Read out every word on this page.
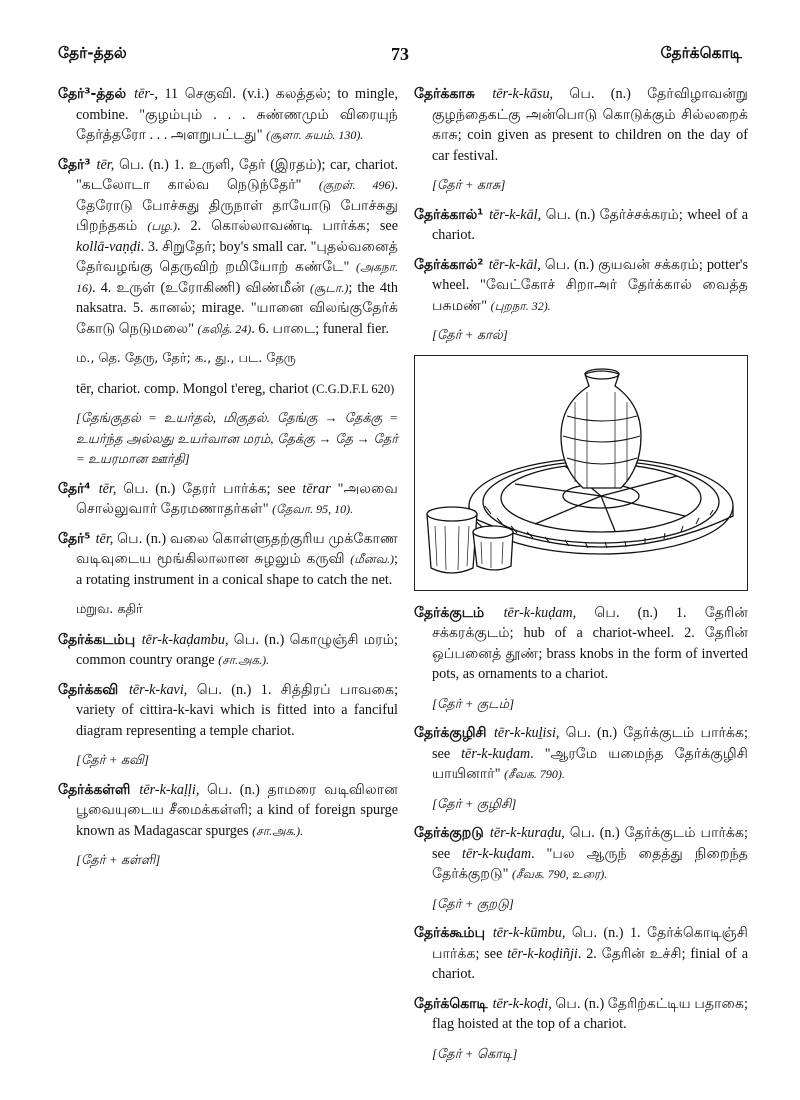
தேர்-த்தல்	73	தேர்க்கொடி

தேர்³-த்தல் tēr-, 11 செகுவி. (v.i.) கலத்தல்; to mingle, combine. "குழம்பும் . . . சுண்ணமும் விரையுந் தேர்த்தரோ . . . அளறுபட்டது" (சூளா. சுயம். 130).

தேர்³ tēr, பெ. (n.) 1. உருளி, தேர் (இரதம்); car, chariot. "கடலோடா கால்வ நெடுந்தேர்" (குறள். 496). தேரோடு போச்சுது திருநாள் தாயோடு போச்சுது பிறந்தகம் (பழ.). 2. கொல்லாவண்டி பார்க்க; see kollā-vaṇḍi. 3. சிறுதேர்; boy's small car. "புதல்வனைத் தேர்வழங்கு தெருவிற் றமியோற் கண்டே" (அகநா. 16). 4. உருள் (உரோகிணி) விண்மீன் (சூடா.); the 4th naksatra. 5. கானல்; mirage. "யானை விலங்குதேர்க் கோடு நெடுமலை" (கலித். 24). 6. பாடை; funeral fier.

ம., தெ. தேரு, தேர்; க., து., பட. தேரு

tēr, chariot. comp. Mongol t'ereg, chariot (C.G.D.F.L 620)

[தேங்குதல் = உயர்தல், மிகுதல். தேங்கு → தேக்கு = உயர்ந்த அல்லது உயர்வான மரம், தேக்கு → தே → தேர் = உயரமான ஊர்தி]

தேர்⁴ tēr, பெ. (n.) தேரர் பார்க்க; see tērar "அலவை சொல்லுவார் தேரமணாதர்கள்" (தேவா. 95, 10).

தேர்⁵ tēr, பெ. (n.) வலை கொள்ளுதற்குரிய முக்கோண வடிவுடைய மூங்கிலாலான சுழலும் கருவி (மீனவ.); a rotating instrument in a conical shape to catch the net.

மறுவ. கதிர்

தேர்க்கடம்பு tēr-k-kaḍambu, பெ. (n.) கொழுஞ்சி மரம்; common country orange (சா.அக.).

தேர்க்கவி tēr-k-kavi, பெ. (n.) 1. சித்திரப் பாவகை; variety of cittira-k-kavi which is fitted into a fanciful diagram representing a temple chariot.

[தேர் + கவி]

தேர்க்கள்ளி tēr-k-kaḷḷi, பெ. (n.) தாமரை வடிவிலான பூவையுடைய சீமைக்கள்ளி; a kind of foreign spurge known as Madagascar spurges (சா.அக.).

[தேர் + கள்ளி]

தேர்க்காசு tēr-k-kāsu, பெ. (n.) தேர்விழாவன்று குழந்தைகட்கு அன்பொடு கொடுக்கும் சில்லறைக் காசு; coin given as present to children on the day of car festival.

[தேர் + காசு]

தேர்க்கால்¹ tēr-k-kāl, பெ. (n.) தேர்ச்சக்கரம்; wheel of a chariot.

தேர்க்கால்² tēr-k-kāl, பெ. (n.) குயவன் சக்கரம்; potter's wheel. "வேட்கோச் சிறாஅர் தேர்க்கால் வைத்த பசுமண்" (புறநா. 32).

[தேர் + கால்]

தேர்க்குடம் tēr-k-kuḍam, பெ. (n.) 1. தேரின் சக்கரக்குடம்; hub of a chariot-wheel. 2. தேரின் ஒப்பனைத் தூண்; brass knobs in the form of inverted pots, as ornaments to a chariot.

[தேர் + குடம்]

தேர்க்குழிசி tēr-k-kuḻisi, பெ. (n.) தேர்க்குடம் பார்க்க; see tēr-k-kuḍam. "ஆரமே யமைந்த தேர்க்குழிசி யாயினார்" (சீவக. 790).

[தேர் + குழிசி]

தேர்க்குறடு tēr-k-kuraḍu, பெ. (n.) தேர்க்குடம் பார்க்க; see tēr-k-kuḍam. "பல ஆருந் தைத்து நிறைந்த தேர்க்குறடு" (சீவக. 790, உரை).

[தேர் + குறடு]

தேர்க்கூம்பு tēr-k-kūmbu, பெ. (n.) 1. தேர்க்கொடிஞ்சி பார்க்க; see tēr-k-koḍiñji. 2. தேரின் உச்சி; finial of a chariot.

தேர்க்கொடி tēr-k-koḍi, பெ. (n.) தேரிற்கட்டிய பதாகை; flag hoisted at the top of a chariot.

[தேர் + கொடி]
